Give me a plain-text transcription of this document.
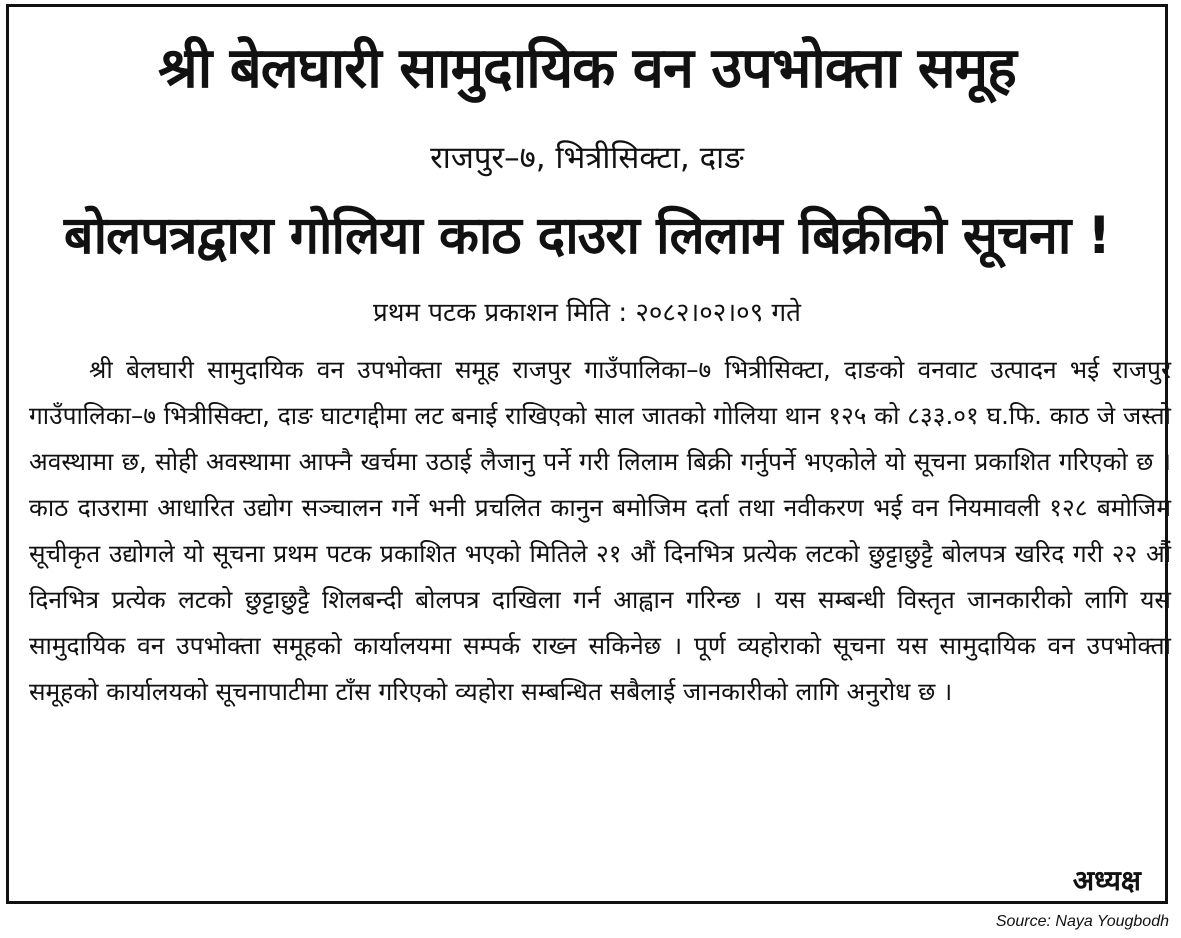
श्री बेलघारी सामुदायिक वन उपभोक्ता समूह
राजपुर–७, भित्रीसिक्टा, दाङ
बोलपत्रद्वारा गोलिया काठ दाउरा लिलाम बिक्रीको सूचना !
प्रथम पटक प्रकाशन मिति : २०८२।०२।०९ गते

श्री बेलघारी सामुदायिक वन उपभोक्ता समूह राजपुर गाउँपालिका–७ भित्रीसिक्टा, दाङको वनवाट उत्पादन भई राजपुर गाउँपालिका–७ भित्रीसिक्टा, दाङ घाटगद्दीमा लट बनाई राखिएको साल जातको गोलिया थान १२५ को ८३३.०१ घ.फि. काठ जे जस्तो अवस्थामा छ, सोही अवस्थामा आफ्नै खर्चमा उठाई लैजानु पर्ने गरी लिलाम बिक्री गर्नुपर्ने भएकोले यो सूचना प्रकाशित गरिएको छ । काठ दाउरामा आधारित उद्योग सञ्चालन गर्ने भनी प्रचलित कानुन बमोजिम दर्ता तथा नवीकरण भई वन नियमावली १२८ बमोजिम सूचीकृत उद्योगले यो सूचना प्रथम पटक प्रकाशित भएको मितिले २१ औं दिनभित्र प्रत्येक लटको छुट्टाछुट्टै बोलपत्र खरिद गरी २२ औं दिनभित्र प्रत्येक लटको छुट्टाछुट्टै शिलबन्दी बोलपत्र दाखिला गर्न आह्वान गरिन्छ । यस सम्बन्धी विस्तृत जानकारीको लागि यस सामुदायिक वन उपभोक्ता समूहको कार्यालयमा सम्पर्क राख्न सकिनेछ । पूर्ण व्यहोराको सूचना यस सामुदायिक वन उपभोक्ता समूहको कार्यालयको सूचनापाटीमा टाँस गरिएको व्यहोरा सम्बन्धित सबैलाई जानकारीको लागि अनुरोध छ ।

अध्यक्ष
Source: Naya Yougbodh
